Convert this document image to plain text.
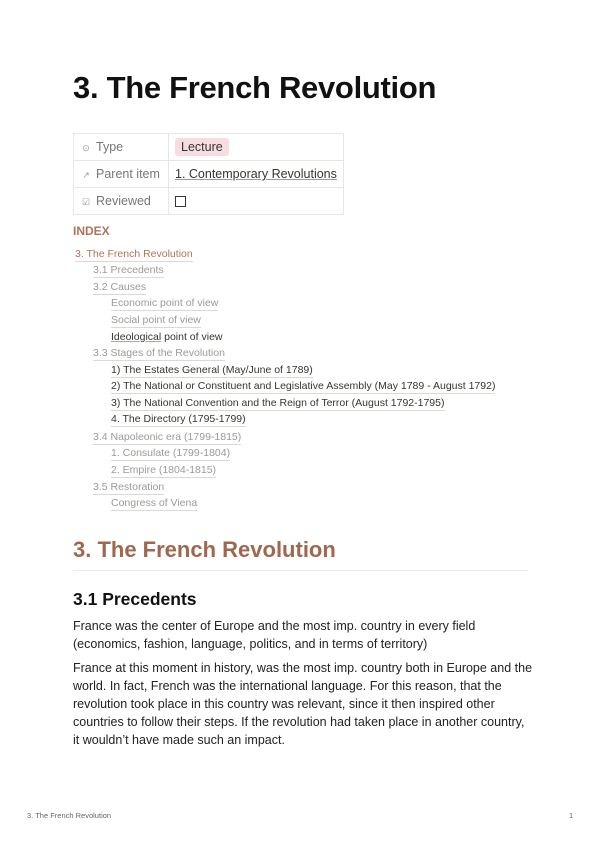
3. The French Revolution
⊙ Type	Lecture
↗ Parent item	1. Contemporary Revolutions
☑ Reviewed	
INDEX
3. The French Revolution
3.1 Precedents
3.2 Causes
Economic point of view
Social point of view
Ideological point of view
3.3 Stages of the Revolution
1) The Estates General (May/June of 1789)
2) The National or Constituent and Legislative Assembly (May 1789 - August 1792)
3) The National Convention and the Reign of Terror (August 1792-1795)
4. The Directory (1795-1799)
3.4 Napoleonic era (1799-1815)
1. Consulate (1799-1804)
2. Empire (1804-1815)
3.5 Restoration
Congress of Viena
3. The French Revolution
3.1 Precedents
France was the center of Europe and the most imp. country in every field (economics, fashion, language, politics, and in terms of territory)
France at this moment in history, was the most imp. country both in Europe and the world. In fact, French was the international language. For this reason, that the revolution took place in this country was relevant, since it then inspired other countries to follow their steps. If the revolution had taken place in another country, it wouldn’t have made such an impact.
3. The French Revolution	1
